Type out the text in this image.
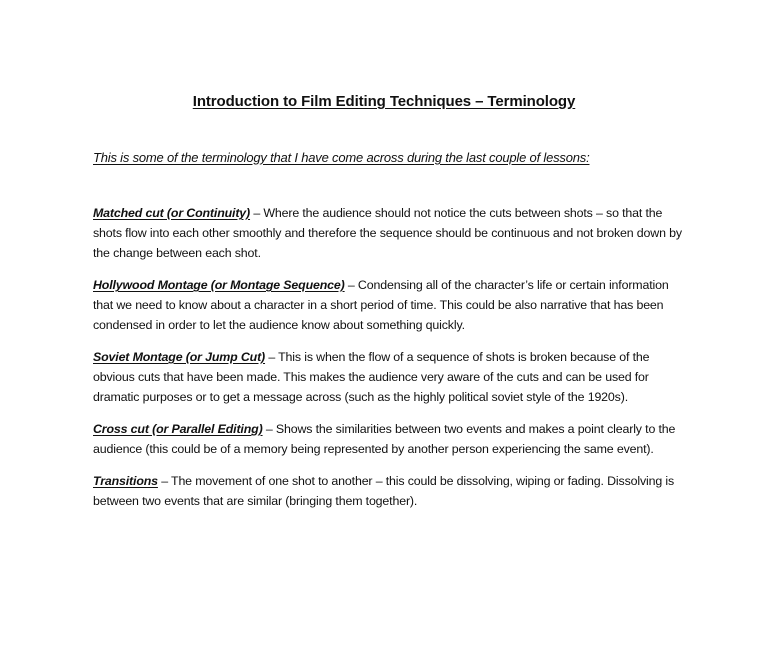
Introduction to Film Editing Techniques – Terminology
This is some of the terminology that I have come across during the last couple of lessons:

Matched cut (or Continuity) – Where the audience should not notice the cuts between shots – so that the shots flow into each other smoothly and therefore the sequence should be continuous and not broken down by the change between each shot.

Hollywood Montage (or Montage Sequence) – Condensing all of the character’s life or certain information that we need to know about a character in a short period of time. This could be also narrative that has been condensed in order to let the audience know about something quickly.

Soviet Montage (or Jump Cut) – This is when the flow of a sequence of shots is broken because of the obvious cuts that have been made. This makes the audience very aware of the cuts and can be used for dramatic purposes or to get a message across (such as the highly political soviet style of the 1920s).

Cross cut (or Parallel Editing) – Shows the similarities between two events and makes a point clearly to the audience (this could be of a memory being represented by another person experiencing the same event).

Transitions – The movement of one shot to another – this could be dissolving, wiping or fading. Dissolving is between two events that are similar (bringing them together).
